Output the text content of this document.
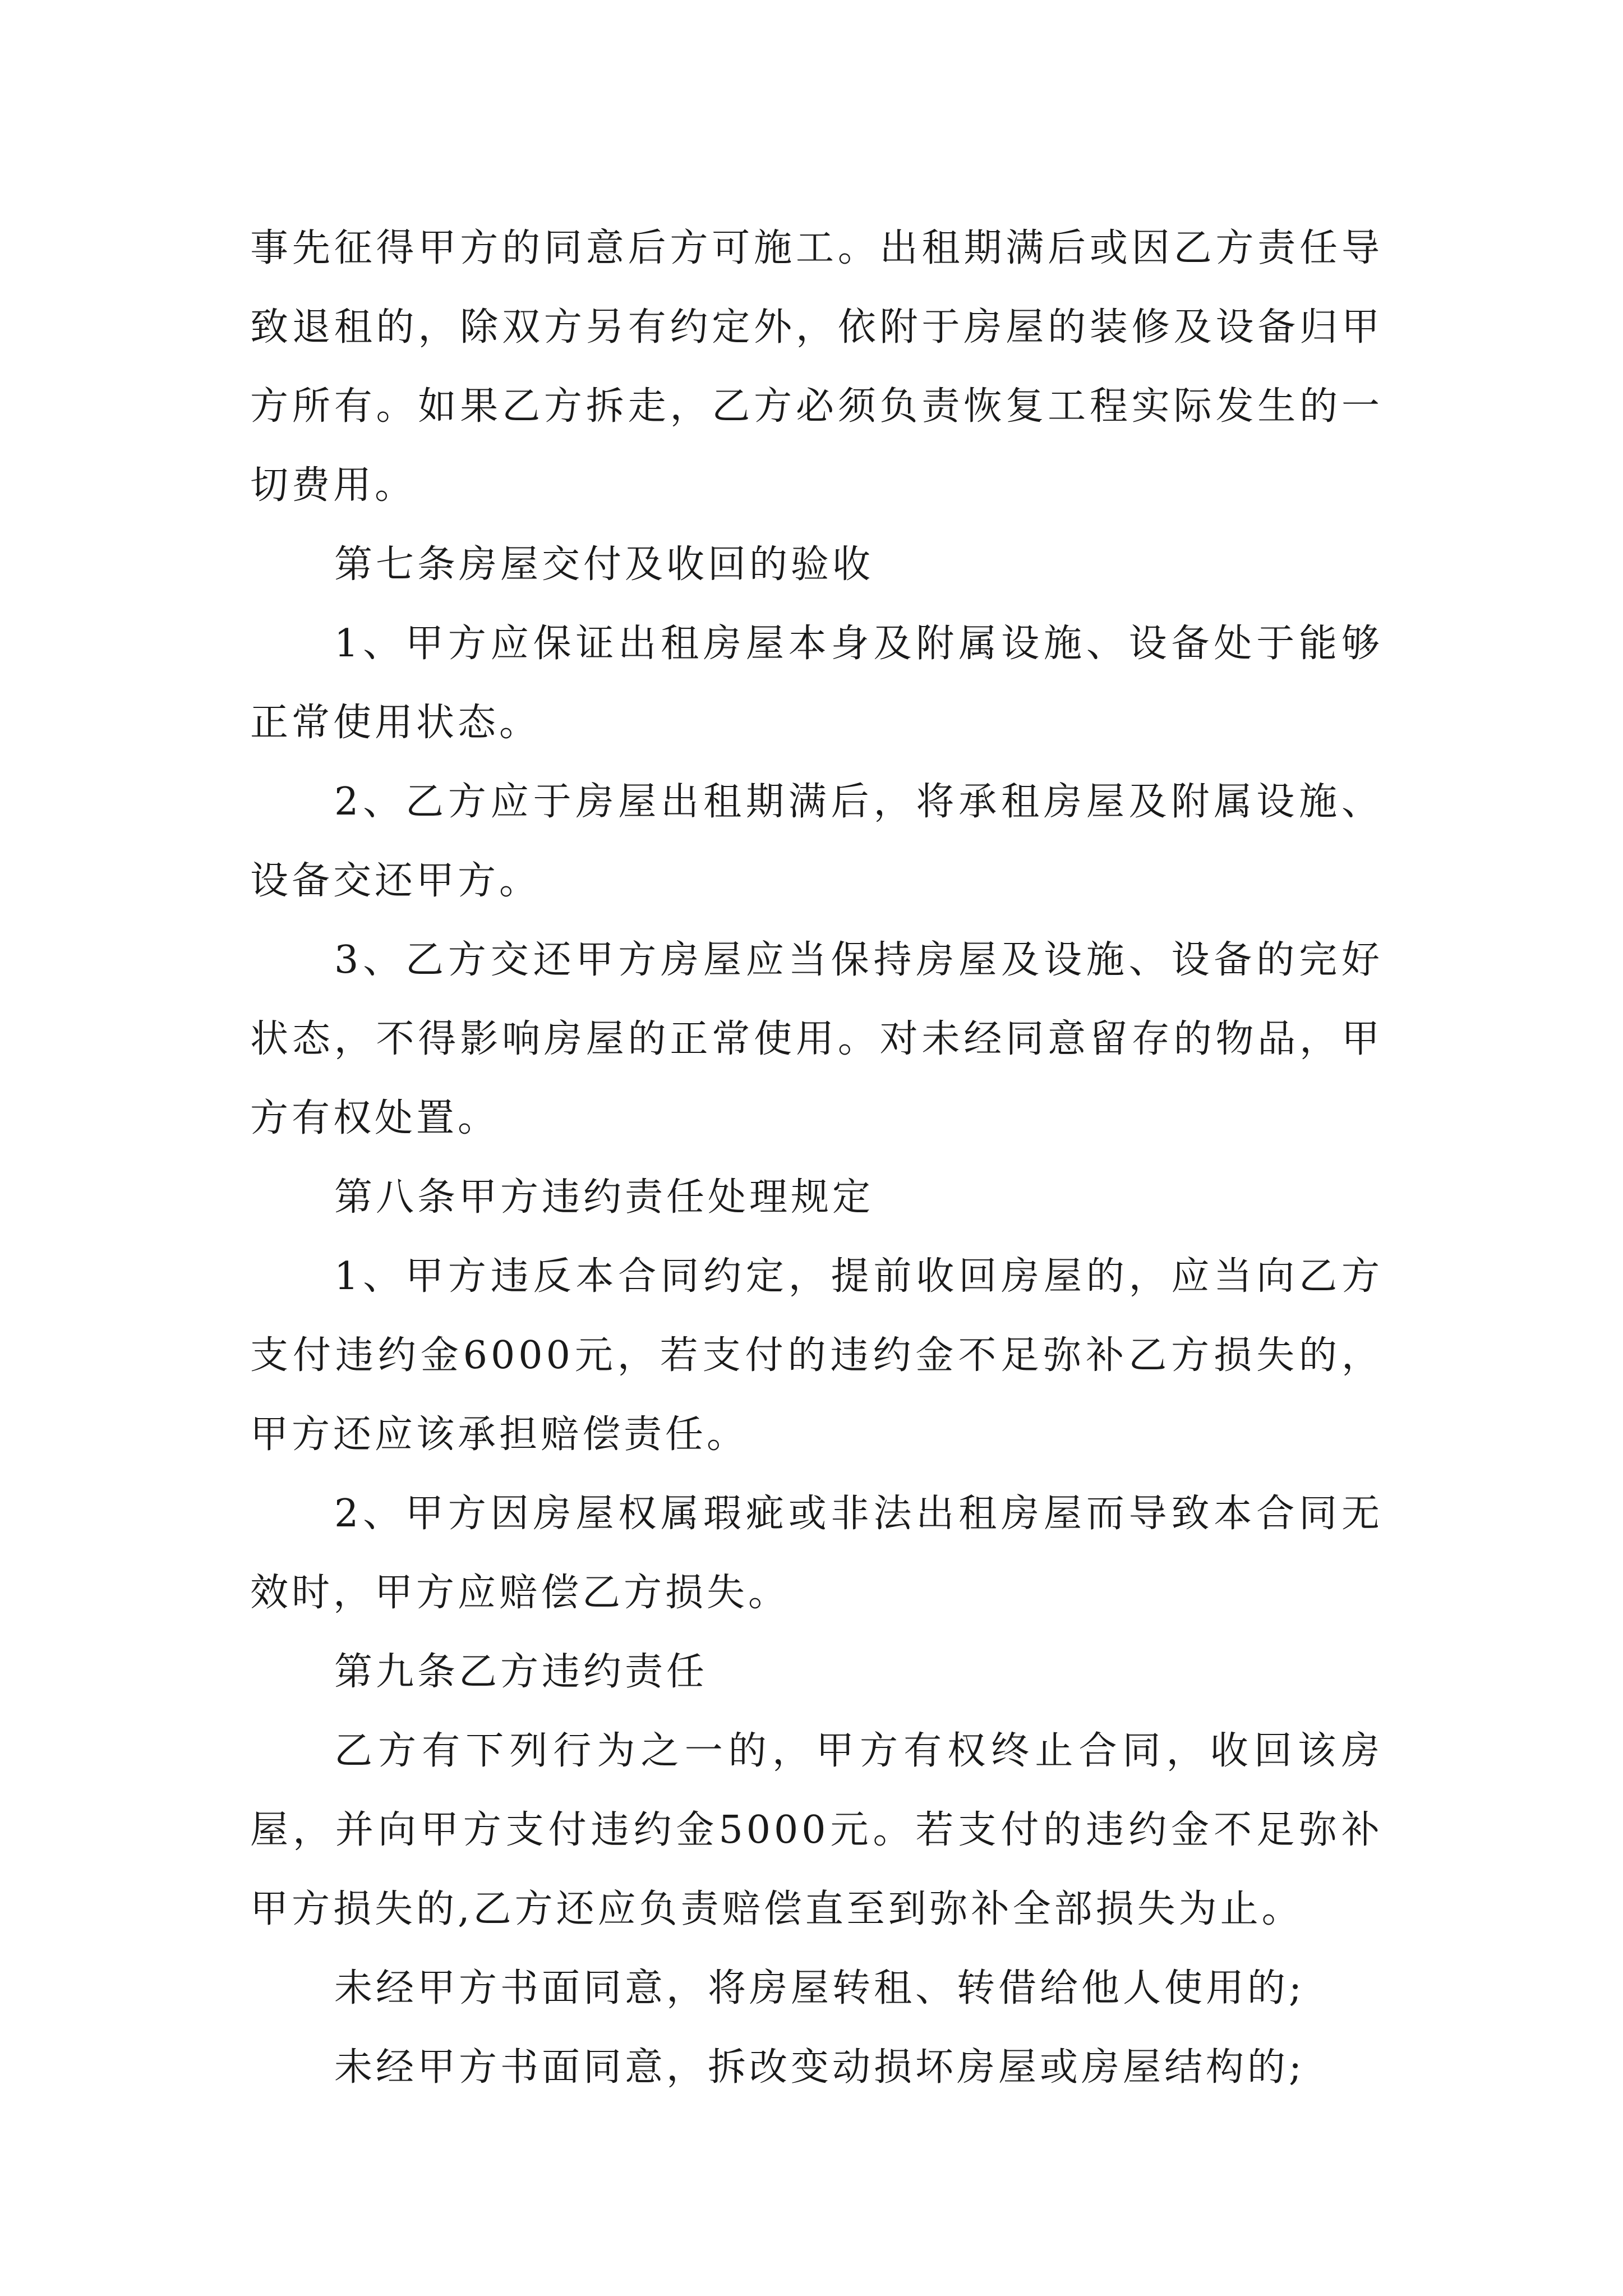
事先征得甲方的同意后方可施工。出租期满后或因乙方责任导致退租的，除双方另有约定外，依附于房屋的装修及设备归甲方所有。如果乙方拆走，乙方必须负责恢复工程实际发生的一切费用。

第七条房屋交付及收回的验收

1、甲方应保证出租房屋本身及附属设施、设备处于能够正常使用状态。

2、乙方应于房屋出租期满后，将承租房屋及附属设施、设备交还甲方。

3、乙方交还甲方房屋应当保持房屋及设施、设备的完好状态，不得影响房屋的正常使用。对未经同意留存的物品，甲方有权处置。

第八条甲方违约责任处理规定

1、甲方违反本合同约定，提前收回房屋的，应当向乙方支付违约金6000元，若支付的违约金不足弥补乙方损失的，甲方还应该承担赔偿责任。

2、甲方因房屋权属瑕疵或非法出租房屋而导致本合同无效时，甲方应赔偿乙方损失。

第九条乙方违约责任

乙方有下列行为之一的，甲方有权终止合同，收回该房屋，并向甲方支付违约金5000元。若支付的违约金不足弥补甲方损失的,乙方还应负责赔偿直至到弥补全部损失为止。

未经甲方书面同意，将房屋转租、转借给他人使用的;

未经甲方书面同意，拆改变动损坏房屋或房屋结构的;
